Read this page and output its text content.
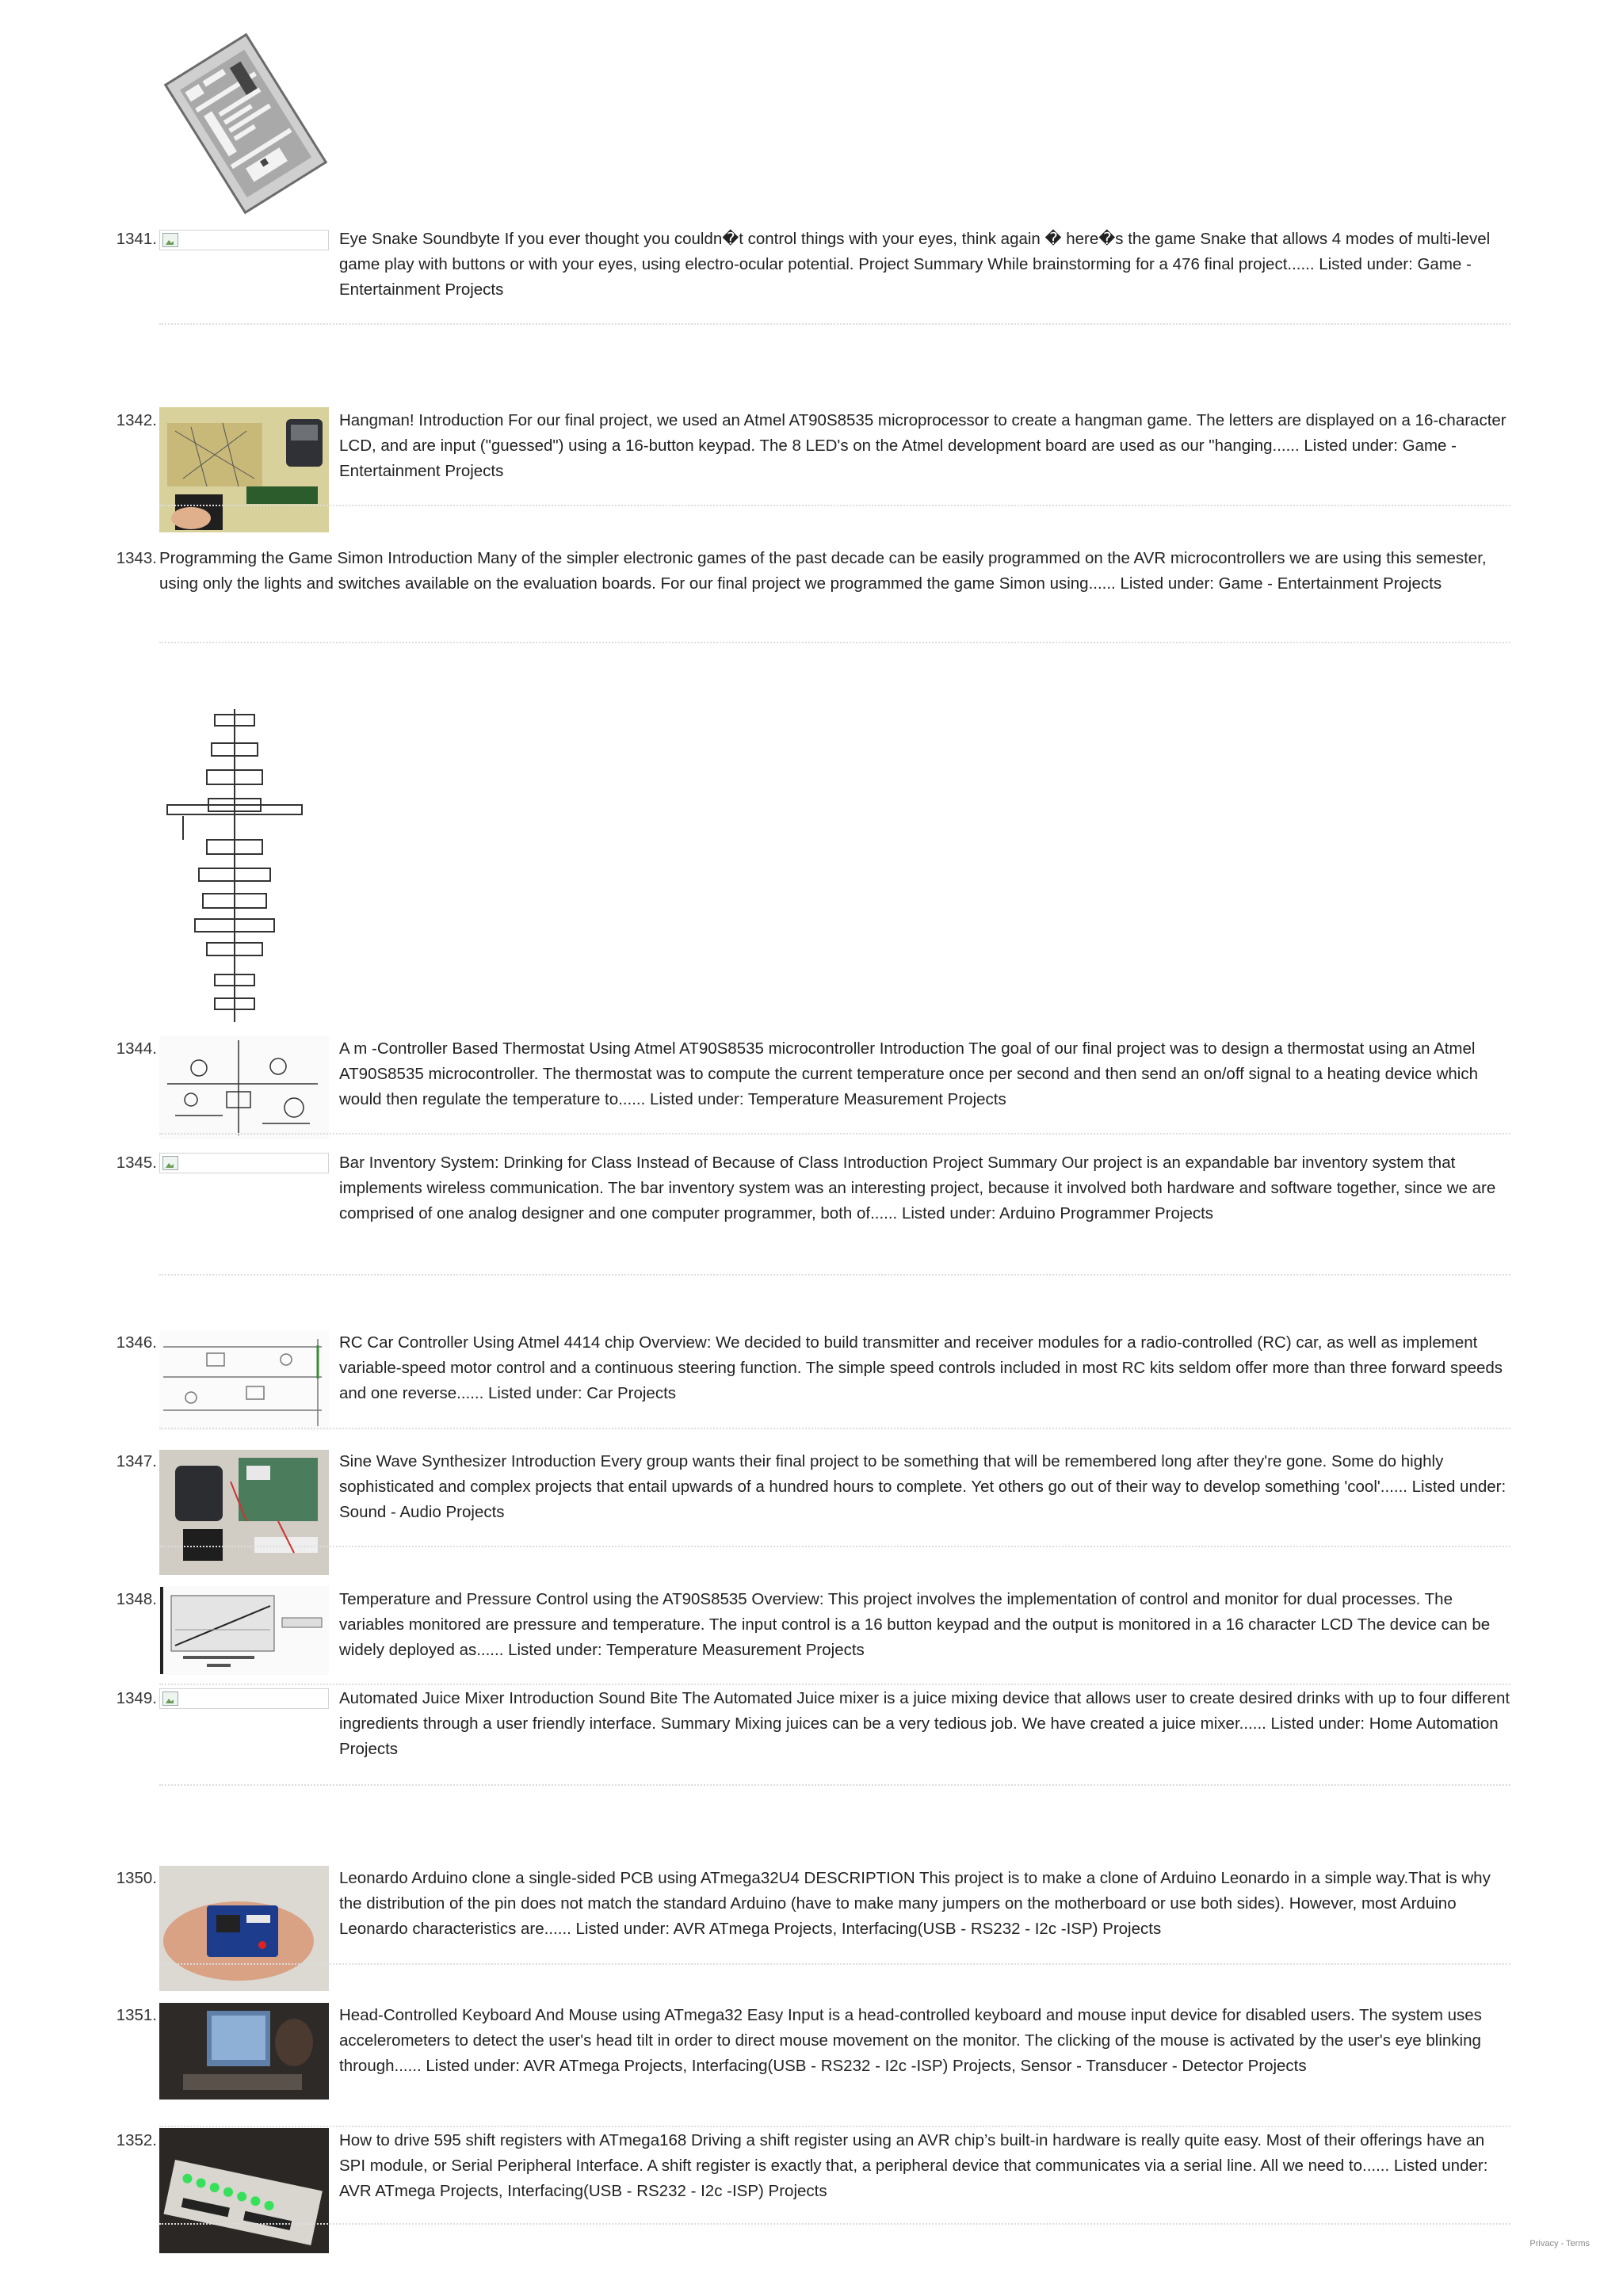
1341.	Eye Snake Soundbyte If you ever thought you couldn�t control things with your eyes, think again � here�s the game Snake that allows 4 modes of multi-level game play with buttons or with your eyes, using electro-ocular potential. Project Summary While brainstorming for a 476 final project...... Listed under: Game - Entertainment Projects
1342.	Hangman! Introduction For our final project, we used an Atmel AT90S8535 microprocessor to create a hangman game. The letters are displayed on a 16-character LCD, and are input ("guessed") using a 16-button keypad. The 8 LED's on the Atmel development board are used as our "hanging...... Listed under: Game - Entertainment Projects
1343. Programming the Game Simon Introduction Many of the simpler electronic games of the past decade can be easily programmed on the AVR microcontrollers we are using this semester, using only the lights and switches available on the evaluation boards. For our final project we programmed the game Simon using...... Listed under: Game - Entertainment Projects
1344.	A m -Controller Based Thermostat Using Atmel AT90S8535 microcontroller Introduction The goal of our final project was to design a thermostat using an Atmel AT90S8535 microcontroller. The thermostat was to compute the current temperature once per second and then send an on/off signal to a heating device which would then regulate the temperature to...... Listed under: Temperature Measurement Projects
1345.	Bar Inventory System: Drinking for Class Instead of Because of Class Introduction Project Summary Our project is an expandable bar inventory system that implements wireless communication. The bar inventory system was an interesting project, because it involved both hardware and software together, since we are comprised of one analog designer and one computer programmer, both of...... Listed under: Arduino Programmer Projects
1346.	RC Car Controller Using Atmel 4414 chip Overview: We decided to build transmitter and receiver modules for a radio-controlled (RC) car, as well as implement variable-speed motor control and a continuous steering function. The simple speed controls included in most RC kits seldom offer more than three forward speeds and one reverse...... Listed under: Car Projects
1347.	Sine Wave Synthesizer Introduction Every group wants their final project to be something that will be remembered long after they're gone. Some do highly sophisticated and complex projects that entail upwards of a hundred hours to complete. Yet others go out of their way to develop something 'cool'...... Listed under: Sound - Audio Projects
1348.	Temperature and Pressure Control using the AT90S8535 Overview: This project involves the implementation of control and monitor for dual processes. The variables monitored are pressure and temperature. The input control is a 16 button keypad and the output is monitored in a 16 character LCD The device can be widely deployed as...... Listed under: Temperature Measurement Projects
1349.	Automated Juice Mixer Introduction Sound Bite The Automated Juice mixer is a juice mixing device that allows user to create desired drinks with up to four different ingredients through a user friendly interface. Summary Mixing juices can be a very tedious job. We have created a juice mixer...... Listed under: Home Automation Projects
1350.	Leonardo Arduino clone a single-sided PCB using ATmega32U4 DESCRIPTION This project is to make a clone of Arduino Leonardo in a simple way.That is why the distribution of the pin does not match the standard Arduino (have to make many jumpers on the motherboard or use both sides). However, most Arduino Leonardo characteristics are...... Listed under: AVR ATmega Projects, Interfacing(USB - RS232 - I2c -ISP) Projects
1351.	Head-Controlled Keyboard And Mouse using ATmega32 Easy Input is a head-controlled keyboard and mouse input device for disabled users. The system uses accelerometers to detect the user's head tilt in order to direct mouse movement on the monitor. The clicking of the mouse is activated by the user's eye blinking through...... Listed under: AVR ATmega Projects, Interfacing(USB - RS232 - I2c -ISP) Projects, Sensor - Transducer - Detector Projects
1352.	How to drive 595 shift registers with ATmega168 Driving a shift register using an AVR chip’s built-in hardware is really quite easy. Most of their offerings have an SPI module, or Serial Peripheral Interface. A shift register is exactly that, a peripheral device that communicates via a serial line. All we need to...... Listed under: AVR ATmega Projects, Interfacing(USB - RS232 - I2c -ISP) Projects
Privacy - Terms
